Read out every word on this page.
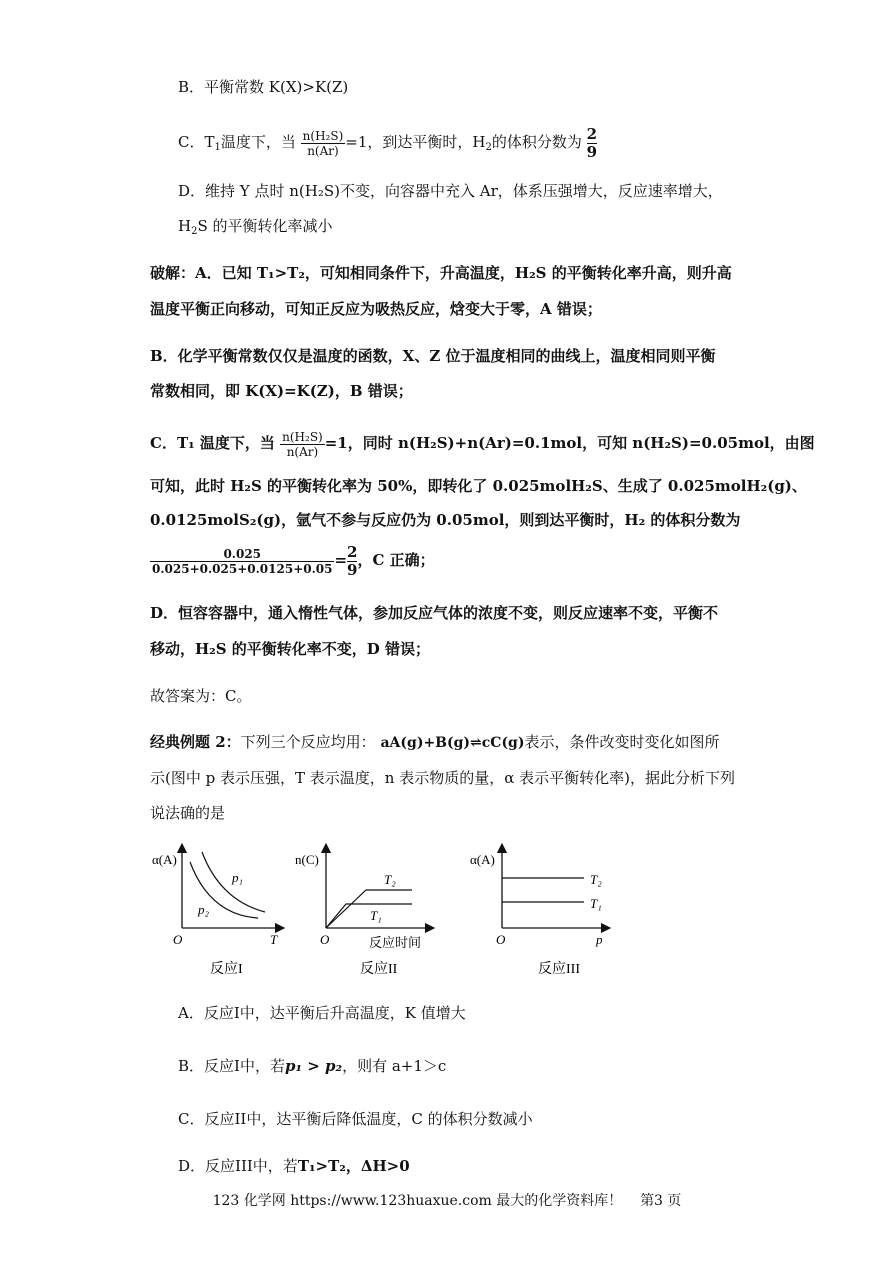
B．平衡常数 K(X)>K(Z)
C．$T_1$温度下，当 $\frac{\text{n(H₂S)}}{n(Ar)} =1$，到达平衡时，$H_2$的体积分数为 $\frac{2}{9}$
D．维持 Y 点时 n(H₂S)不变，向容器中充入 Ar，体系压强增大，反应速率增大，
$H_2S$ 的平衡转化率减小
破解：A．已知 T₁>T₂，可知相同条件下，升高温度，H₂S 的平衡转化率升高，则升高
温度平衡正向移动，可知正反应为吸热反应，焓变大于零，A 错误；
B．化学平衡常数仅仅是温度的函数，X、Z 位于温度相同的曲线上，温度相同则平衡
常数相同，即 K(X)=K(Z)，B 错误；
C．T₁ 温度下，当 $\frac{\text{n(H₂S)}}{n(Ar)} =1$，同时 n(H₂S)+n(Ar)=0.1mol，可知 n(H₂S)=0.05mol，由图
可知，此时 H₂S 的平衡转化率为 50%，即转化了 0.025molH₂S、生成了 0.025molH₂(g)、
0.0125molS₂(g)，氩气不参与反应仍为 0.05mol，则到达平衡时，H₂ 的体积分数为
$\frac{0.025}{0.025+0.025+0.0125+0.05} = \frac{2}{9}$，C 正确；
D．恒容容器中，通入惰性气体，参加反应气体的浓度不变，则反应速率不变，平衡不
移动，H₂S 的平衡转化率不变，D 错误；
故答案为：C。
经典例题 2：下列三个反应均用： aA(g)+B(g)⇌cC(g)表示，条件改变时变化如图所
示(图中 p 表示压强，T 表示温度，n 表示物质的量，α 表示平衡转化率)，据此分析下列
说法确的是
α(A)
O	T
p₁
p₂
反应I
n(C)
O	反应时间
T₂
T₁
反应II
α(A)
O	p
T₂
T₁
反应III
A．反应I中，达平衡后升高温度，K 值增大
B．反应I中，若p₁ > p₂，则有 a+1＞c
C．反应II中，达平衡后降低温度，C 的体积分数减小
D．反应III中，若T₁>T₂，ΔH>0
123 化学网 https://www.123huaxue.com 最大的化学资料库！ 第3 页
